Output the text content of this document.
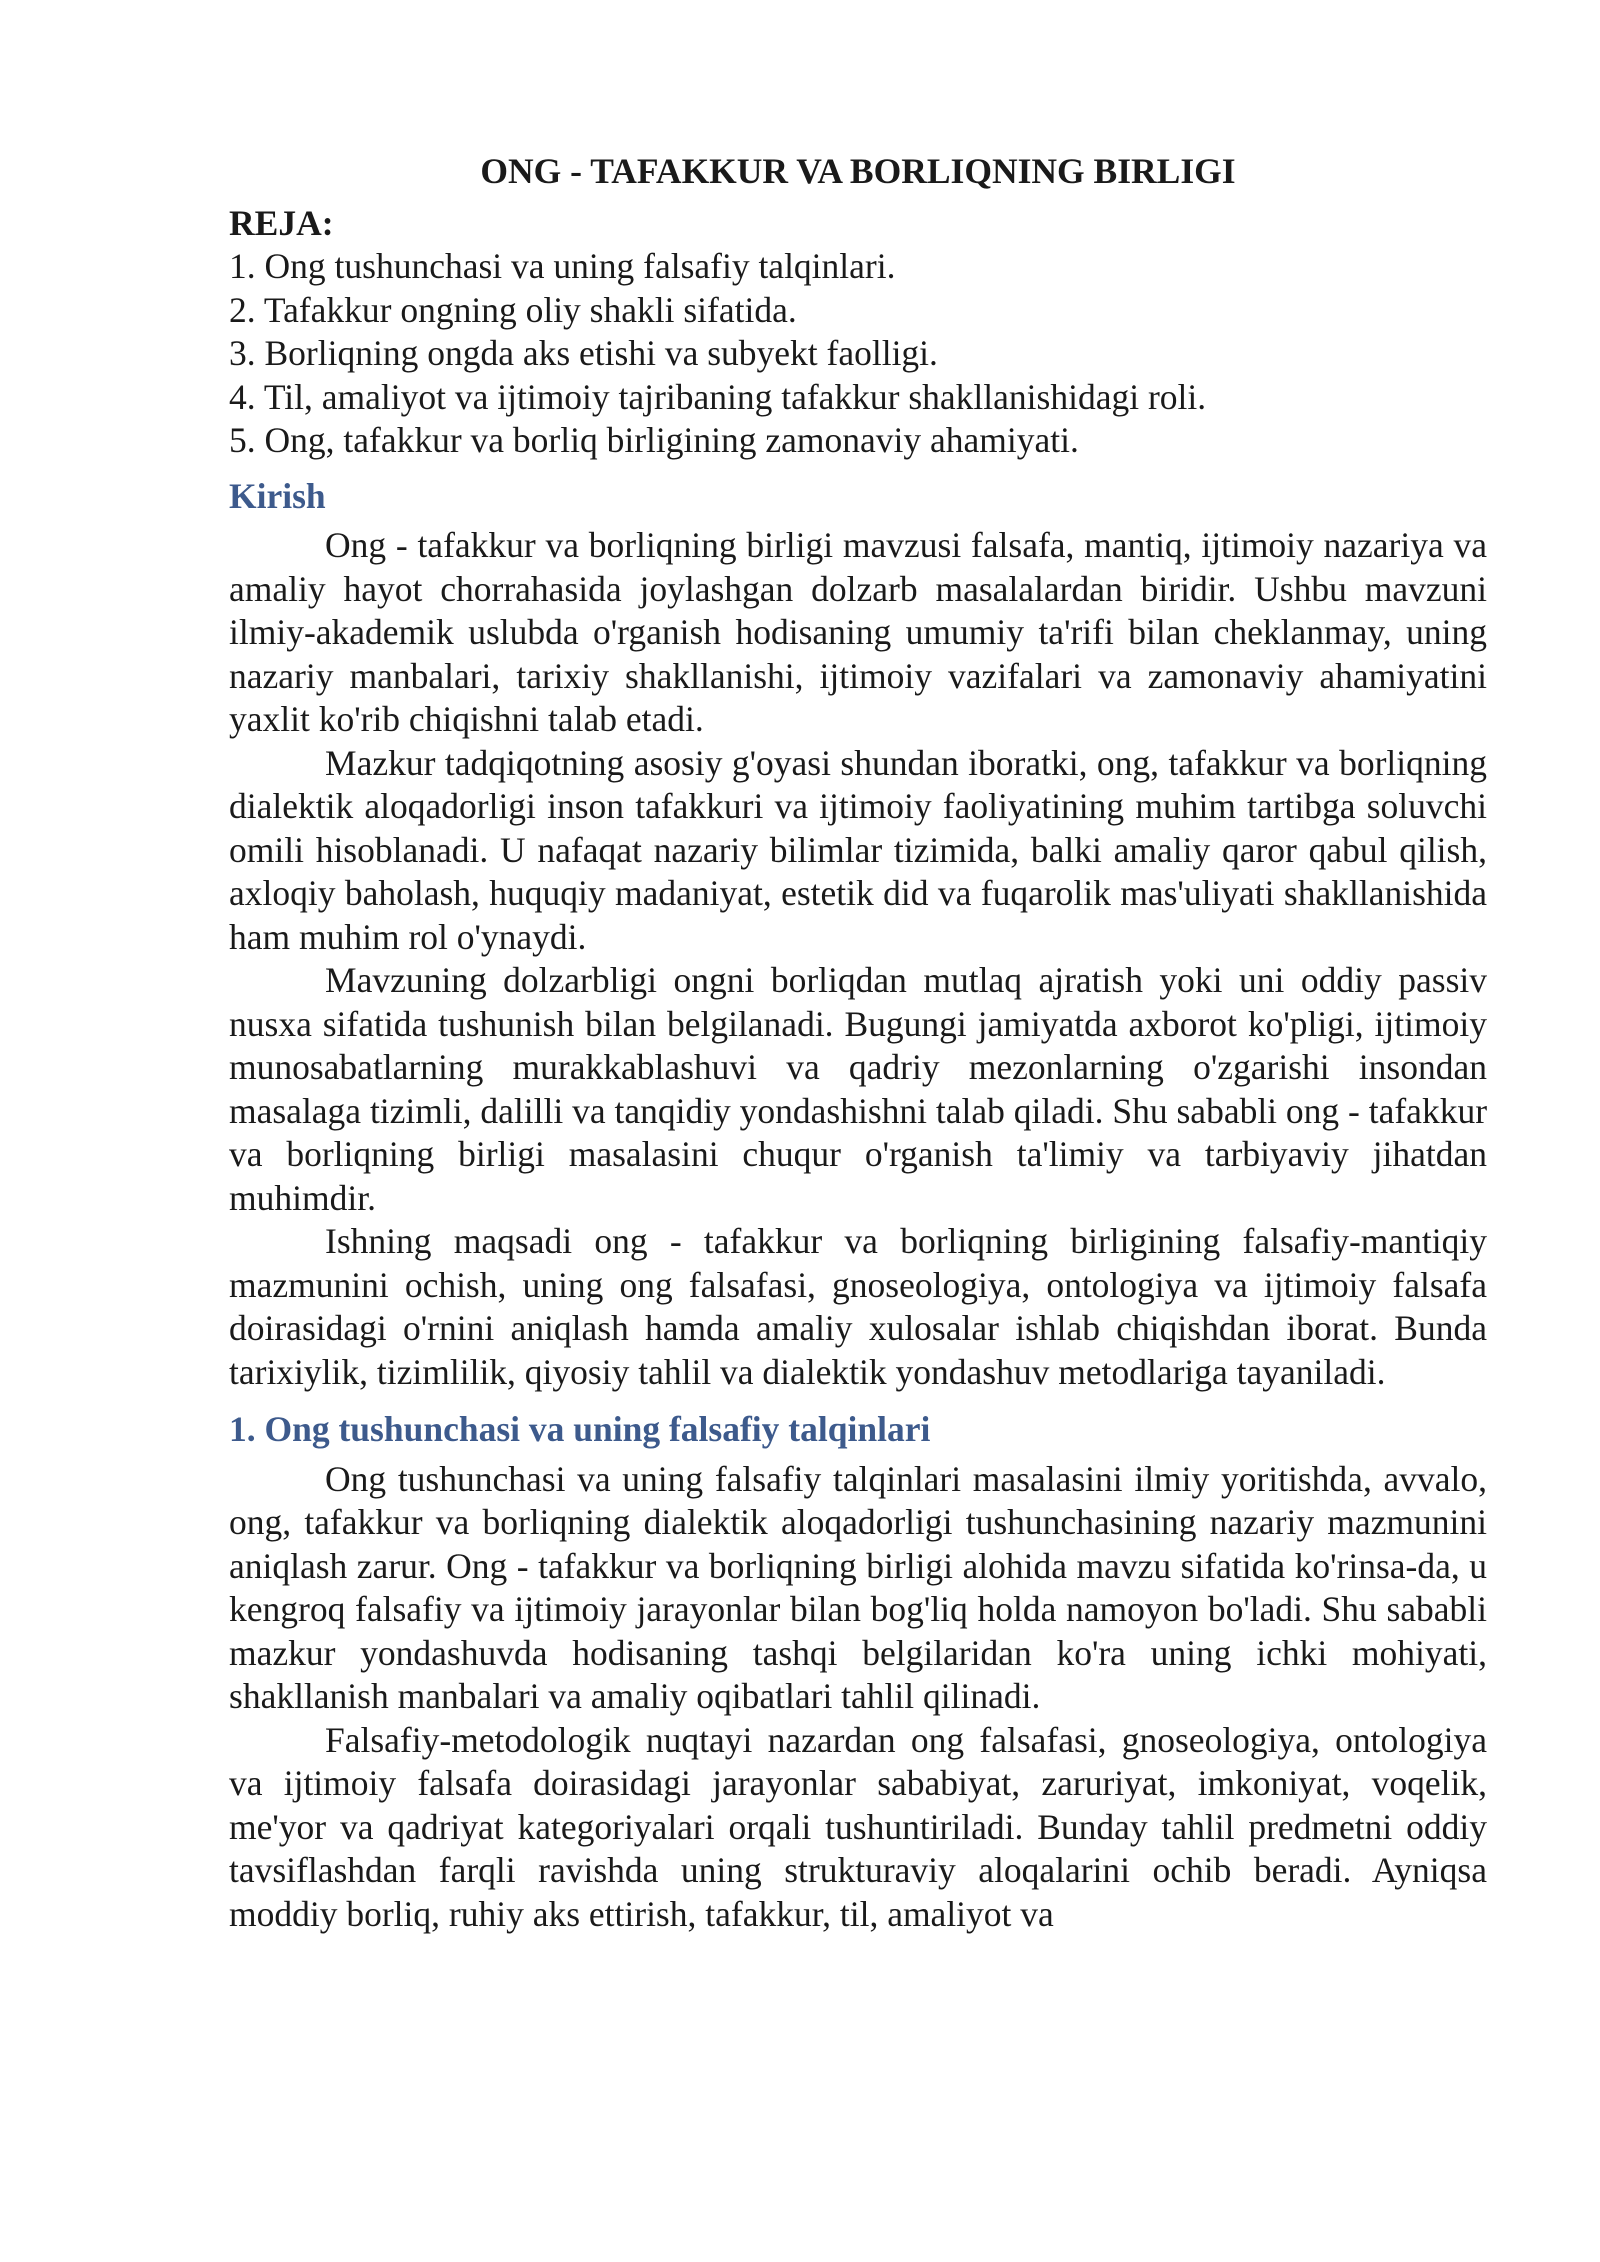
ONG - TAFAKKUR VA BORLIQNING BIRLIGI
REJA:
1. Ong tushunchasi va uning falsafiy talqinlari.
2. Tafakkur ongning oliy shakli sifatida.
3. Borliqning ongda aks etishi va subyekt faolligi.
4. Til, amaliyot va ijtimoiy tajribaning tafakkur shakllanishidagi roli.
5. Ong, tafakkur va borliq birligining zamonaviy ahamiyati.
Kirish

Ong - tafakkur va borliqning birligi mavzusi falsafa, mantiq, ijtimoiy nazariya va amaliy hayot chorrahasida joylashgan dolzarb masalalardan biridir. Ushbu mavzuni ilmiy-akademik uslubda o'rganish hodisaning umumiy ta'rifi bilan cheklanmay, uning nazariy manbalari, tarixiy shakllanishi, ijtimoiy vazifalari va zamonaviy ahamiyatini yaxlit ko'rib chiqishni talab etadi.

Mazkur tadqiqotning asosiy g'oyasi shundan iboratki, ong, tafakkur va borliqning dialektik aloqadorligi inson tafakkuri va ijtimoiy faoliyatining muhim tartibga soluvchi omili hisoblanadi. U nafaqat nazariy bilimlar tizimida, balki amaliy qaror qabul qilish, axloqiy baholash, huquqiy madaniyat, estetik did va fuqarolik mas'uliyati shakllanishida ham muhim rol o'ynaydi.

Mavzuning dolzarbligi ongni borliqdan mutlaq ajratish yoki uni oddiy passiv nusxa sifatida tushunish bilan belgilanadi. Bugungi jamiyatda axborot ko'pligi, ijtimoiy munosabatlarning murakkablashuvi va qadriy mezonlarning o'zgarishi insondan masalaga tizimli, dalilli va tanqidiy yondashishni talab qiladi. Shu sababli ong - tafakkur va borliqning birligi masalasini chuqur o'rganish ta'limiy va tarbiyaviy jihatdan muhimdir.

Ishning maqsadi ong - tafakkur va borliqning birligining falsafiy-mantiqiy mazmunini ochish, uning ong falsafasi, gnoseologiya, ontologiya va ijtimoiy falsafa doirasidagi o'rnini aniqlash hamda amaliy xulosalar ishlab chiqishdan iborat. Bunda tarixiylik, tizimlilik, qiyosiy tahlil va dialektik yondashuv metodlariga tayaniladi.

1. Ong tushunchasi va uning falsafiy talqinlari

Ong tushunchasi va uning falsafiy talqinlari masalasini ilmiy yoritishda, avvalo, ong, tafakkur va borliqning dialektik aloqadorligi tushunchasining nazariy mazmunini aniqlash zarur. Ong - tafakkur va borliqning birligi alohida mavzu sifatida ko'rinsa-da, u kengroq falsafiy va ijtimoiy jarayonlar bilan bog'liq holda namoyon bo'ladi. Shu sababli mazkur yondashuvda hodisaning tashqi belgilaridan ko'ra uning ichki mohiyati, shakllanish manbalari va amaliy oqibatlari tahlil qilinadi.

Falsafiy-metodologik nuqtayi nazardan ong falsafasi, gnoseologiya, ontologiya va ijtimoiy falsafa doirasidagi jarayonlar sababiyat, zaruriyat, imkoniyat, voqelik, me'yor va qadriyat kategoriyalari orqali tushuntiriladi. Bunday tahlil predmetni oddiy tavsiflashdan farqli ravishda uning strukturaviy aloqalarini ochib beradi. Ayniqsa moddiy borliq, ruhiy aks ettirish, tafakkur, til, amaliyot va
